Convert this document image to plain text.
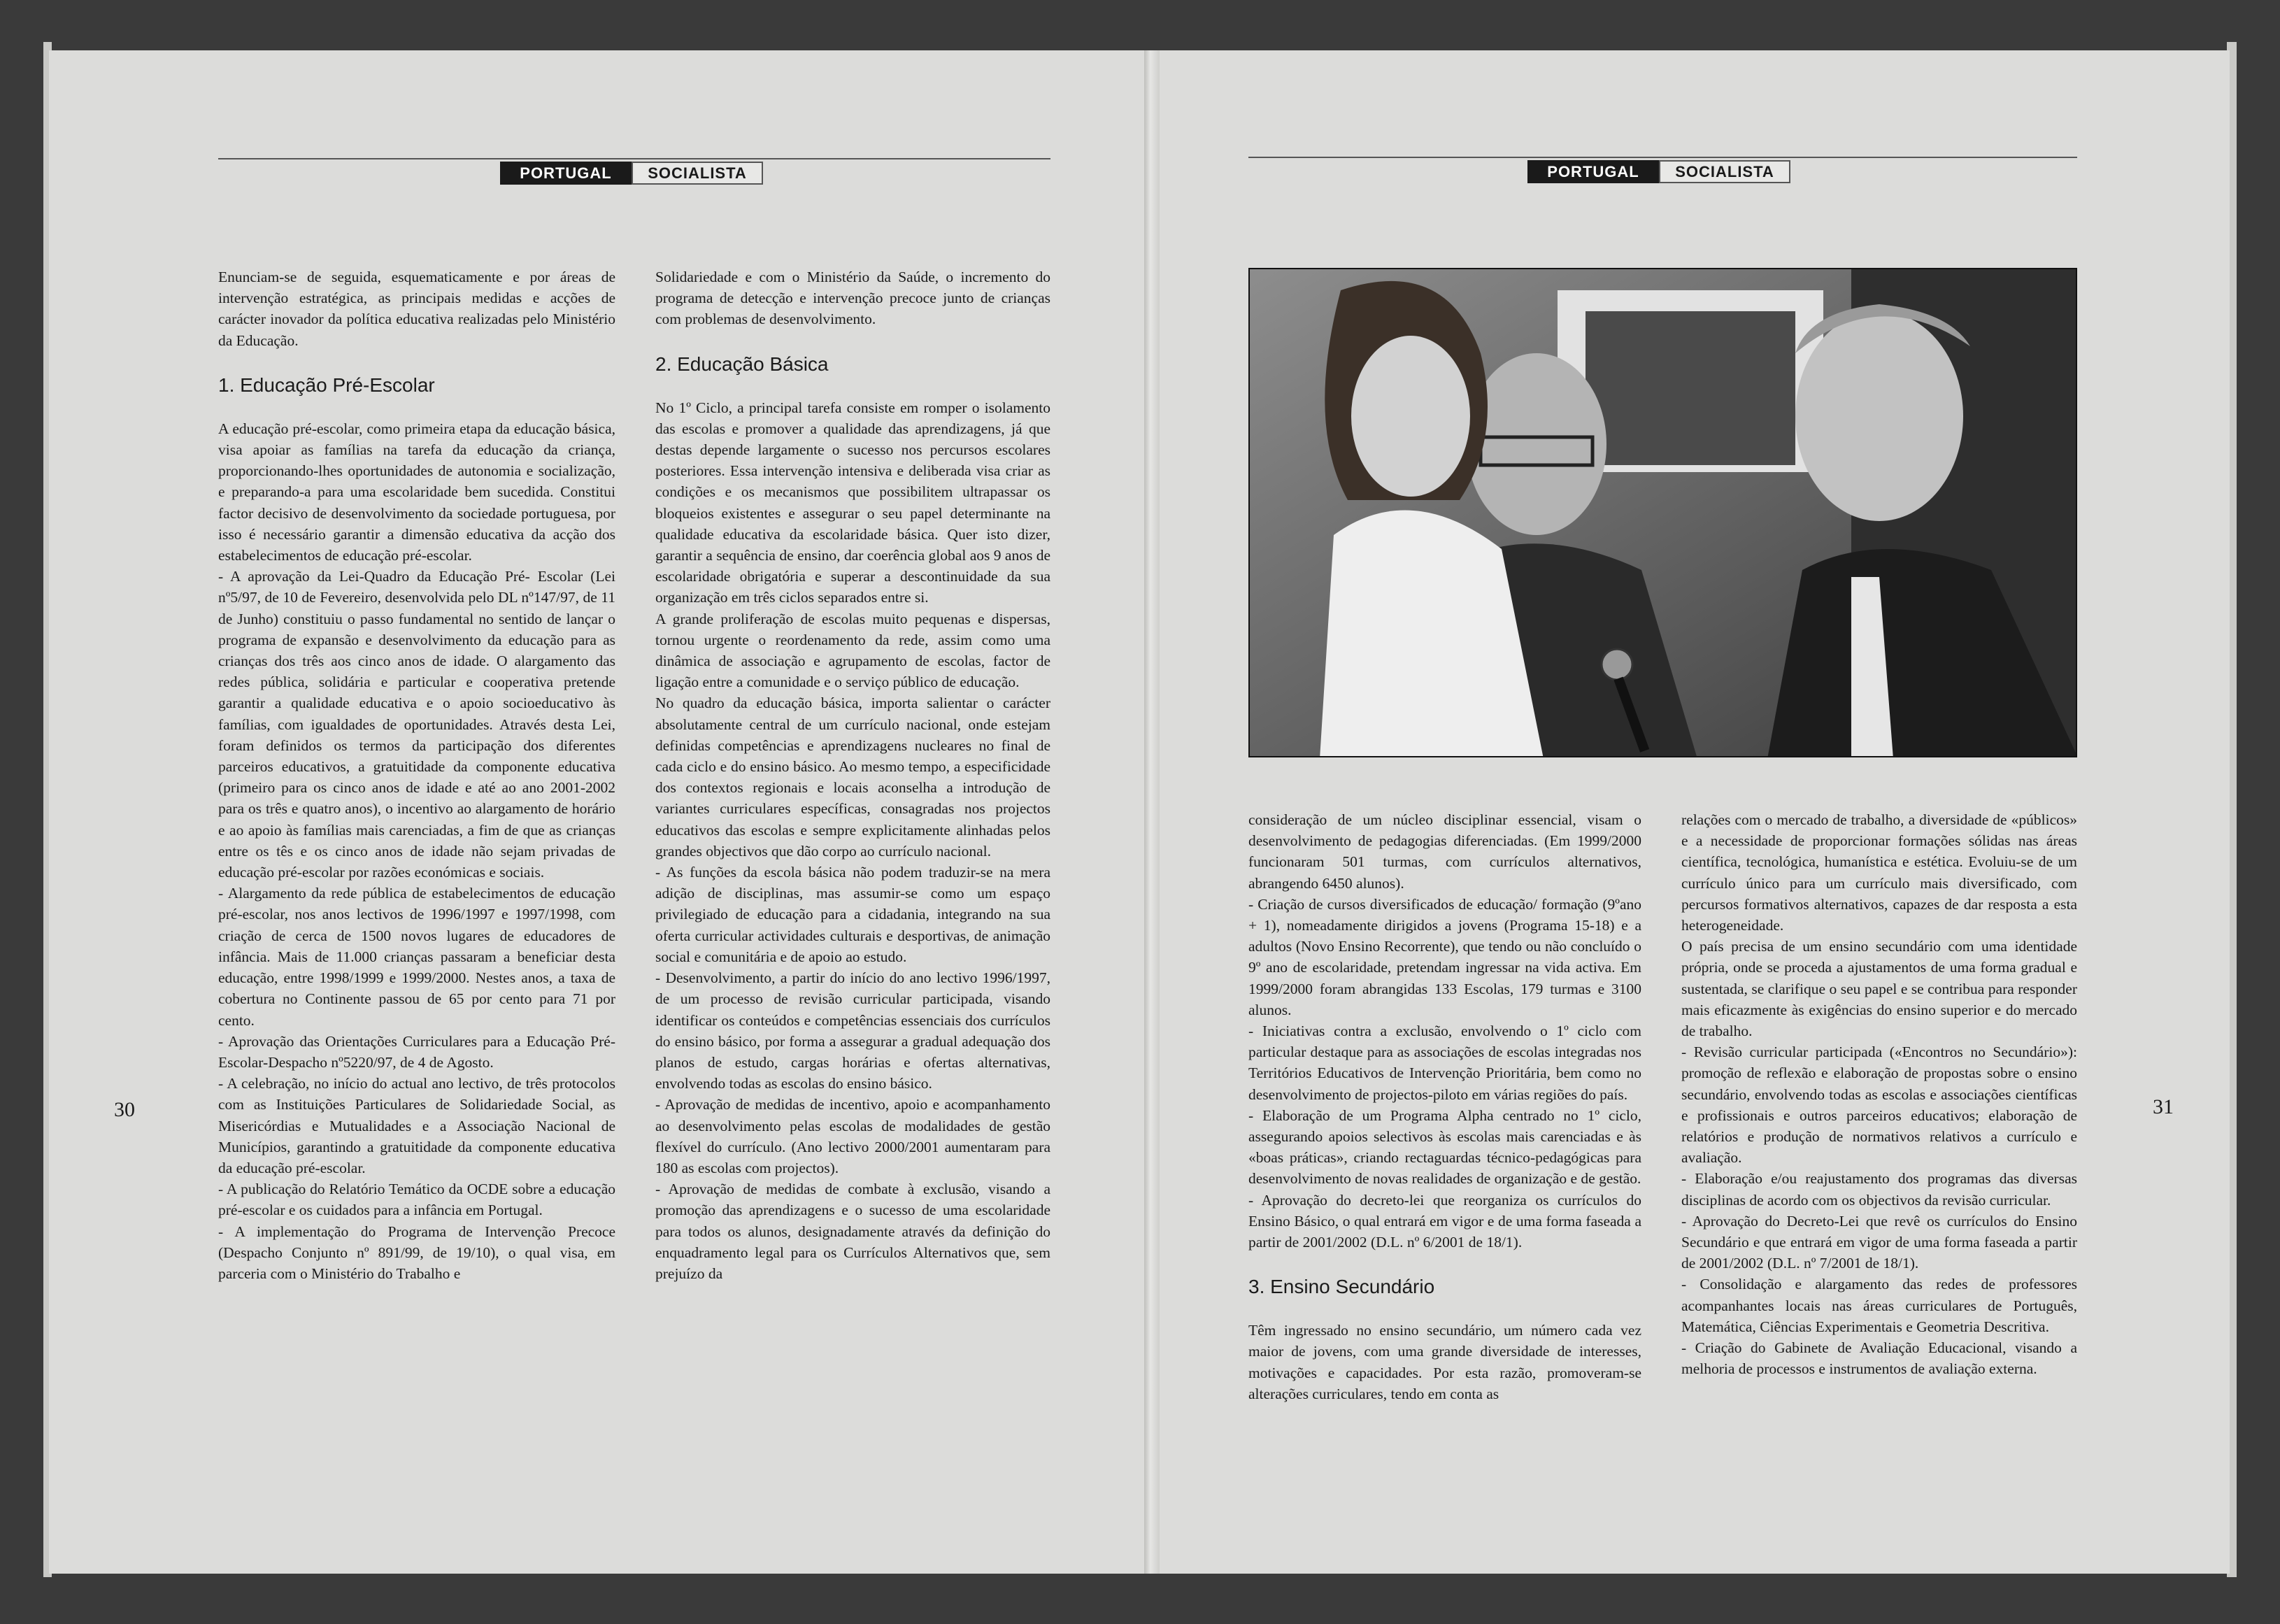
PORTUGAL	SOCIALISTA	PORTUGAL	SOCIALISTA

Enunciam-se de seguida, esquematicamente e por áreas de intervenção estratégica, as principais medidas e acções de carácter inovador da política educativa realizadas pelo Ministério da Educação.

1. Educação Pré-Escolar

A educação pré-escolar, como primeira etapa da educação básica, visa apoiar as famílias na tarefa da educação da criança, proporcionando-lhes oportunidades de autonomia e socialização, e preparando-a para uma escolaridade bem sucedida. Constitui factor decisivo de desenvolvimento da sociedade portuguesa, por isso é necessário garantir a dimensão educativa da acção dos estabelecimentos de educação pré-escolar.

- A aprovação da Lei-Quadro da Educação Pré- Escolar (Lei nº5/97, de 10 de Fevereiro, desenvolvida pelo DL nº147/97, de 11 de Junho) constituiu o passo fundamental no sentido de lançar o programa de expansão e desenvolvimento da educação para as crianças dos três aos cinco anos de idade. O alargamento das redes pública, solidária e particular e cooperativa pretende garantir a qualidade educativa e o apoio socioeducativo às famílias, com igualdades de oportunidades. Através desta Lei, foram definidos os termos da participação dos diferentes parceiros educativos, a gratuitidade da componente educativa (primeiro para os cinco anos de idade e até ao ano 2001-2002 para os três e quatro anos), o incentivo ao alargamento de horário e ao apoio às famílias mais carenciadas, a fim de que as crianças entre os tês e os cinco anos de idade não sejam privadas de educação pré-escolar por razões económicas e sociais.

- Alargamento da rede pública de estabelecimentos de educação pré-escolar, nos anos lectivos de 1996/1997 e 1997/1998, com criação de cerca de 1500 novos lugares de educadores de infância. Mais de 11.000 crianças passaram a beneficiar desta educação, entre 1998/1999 e 1999/2000. Nestes anos, a taxa de cobertura no Continente passou de 65 por cento para 71 por cento.

- Aprovação das Orientações Curriculares para a Educação Pré-Escolar-Despacho nº5220/97, de 4 de Agosto.

- A celebração, no início do actual ano lectivo, de três protocolos com as Instituições Particulares de Solidariedade Social, as Misericórdias e Mutualidades e a Associação Nacional de Municípios, garantindo a gratuitidade da componente educativa da educação pré-escolar.

- A publicação do Relatório Temático da OCDE sobre a educação pré-escolar e os cuidados para a infância em Portugal.

- A implementação do Programa de Intervenção Precoce (Despacho Conjunto nº 891/99, de 19/10), o qual visa, em parceria com o Ministério do Trabalho e

Solidariedade e com o Ministério da Saúde, o incremento do programa de detecção e intervenção precoce junto de crianças com problemas de desenvolvimento.

2. Educação Básica

No 1º Ciclo, a principal tarefa consiste em romper o isolamento das escolas e promover a qualidade das aprendizagens, já que destas depende largamente o sucesso nos percursos escolares posteriores. Essa intervenção intensiva e deliberada visa criar as condições e os mecanismos que possibilitem ultrapassar os bloqueios existentes e assegurar o seu papel determinante na qualidade educativa da escolaridade básica. Quer isto dizer, garantir a sequência de ensino, dar coerência global aos 9 anos de escolaridade obrigatória e superar a descontinuidade da sua organização em três ciclos separados entre si.

A grande proliferação de escolas muito pequenas e dispersas, tornou urgente o reordenamento da rede, assim como uma dinâmica de associação e agrupamento de escolas, factor de ligação entre a comunidade e o serviço público de educação.

No quadro da educação básica, importa salientar o carácter absolutamente central de um currículo nacional, onde estejam definidas competências e aprendizagens nucleares no final de cada ciclo e do ensino básico. Ao mesmo tempo, a especificidade dos contextos regionais e locais aconselha a introdução de variantes curriculares específicas, consagradas nos projectos educativos das escolas e sempre explicitamente alinhadas pelos grandes objectivos que dão corpo ao currículo nacional.

- As funções da escola básica não podem traduzir-se na mera adição de disciplinas, mas assumir-se como um espaço privilegiado de educação para a cidadania, integrando na sua oferta curricular actividades culturais e desportivas, de animação social e comunitária e de apoio ao estudo.

- Desenvolvimento, a partir do início do ano lectivo 1996/1997, de um processo de revisão curricular participada, visando identificar os conteúdos e competências essenciais dos currículos do ensino básico, por forma a assegurar a gradual adequação dos planos de estudo, cargas horárias e ofertas alternativas, envolvendo todas as escolas do ensino básico.

- Aprovação de medidas de incentivo, apoio e acompanhamento ao desenvolvimento pelas escolas de modalidades de gestão flexível do currículo. (Ano lectivo 2000/2001 aumentaram para 180 as escolas com projectos).

- Aprovação de medidas de combate à exclusão, visando a promoção das aprendizagens e o sucesso de uma escolaridade para todos os alunos, designadamente através da definição do enquadramento legal para os Currículos Alternativos que, sem prejuízo da

30

consideração de um núcleo disciplinar essencial, visam o desenvolvimento de pedagogias diferenciadas. (Em 1999/2000 funcionaram 501 turmas, com currículos alternativos, abrangendo 6450 alunos).

- Criação de cursos diversificados de educação/ formação (9ºano + 1), nomeadamente dirigidos a jovens (Programa 15-18) e a adultos (Novo Ensino Recorrente), que tendo ou não concluído o 9º ano de escolaridade, pretendam ingressar na vida activa. Em 1999/2000 foram abrangidas 133 Escolas, 179 turmas e 3100 alunos.

- Iniciativas contra a exclusão, envolvendo o 1º ciclo com particular destaque para as associações de escolas integradas nos Territórios Educativos de Intervenção Prioritária, bem como no desenvolvimento de projectos-piloto em várias regiões do país.

- Elaboração de um Programa Alpha centrado no 1º ciclo, assegurando apoios selectivos às escolas mais carenciadas e às «boas práticas», criando rectaguardas técnico-pedagógicas para desenvolvimento de novas realidades de organização e de gestão.

- Aprovação do decreto-lei que reorganiza os currículos do Ensino Básico, o qual entrará em vigor e de uma forma faseada a partir de 2001/2002 (D.L. nº 6/2001 de 18/1).

3. Ensino Secundário

Têm ingressado no ensino secundário, um número cada vez maior de jovens, com uma grande diversidade de interesses, motivações e capacidades. Por esta razão, promoveram-se alterações curriculares, tendo em conta as

relações com o mercado de trabalho, a diversidade de «públicos» e a necessidade de proporcionar formações sólidas nas áreas científica, tecnológica, humanística e estética. Evoluiu-se de um currículo único para um currículo mais diversificado, com percursos formativos alternativos, capazes de dar resposta a esta heterogeneidade.

O país precisa de um ensino secundário com uma identidade própria, onde se proceda a ajustamentos de uma forma gradual e sustentada, se clarifique o seu papel e se contribua para responder mais eficazmente às exigências do ensino superior e do mercado de trabalho.

- Revisão curricular participada («Encontros no Secundário»): promoção de reflexão e elaboração de propostas sobre o ensino secundário, envolvendo todas as escolas e associações científicas e profissionais e outros parceiros educativos; elaboração de relatórios e produção de normativos relativos a currículo e avaliação.

- Elaboração e/ou reajustamento dos programas das diversas disciplinas de acordo com os objectivos da revisão curricular.

- Aprovação do Decreto-Lei que revê os currículos do Ensino Secundário e que entrará em vigor de uma forma faseada a partir de 2001/2002 (D.L. nº 7/2001 de 18/1).

- Consolidação e alargamento das redes de professores acompanhantes locais nas áreas curriculares de Português, Matemática, Ciências Experimentais e Geometria Descritiva.

- Criação do Gabinete de Avaliação Educacional, visando a melhoria de processos e instrumentos de avaliação externa.

31
